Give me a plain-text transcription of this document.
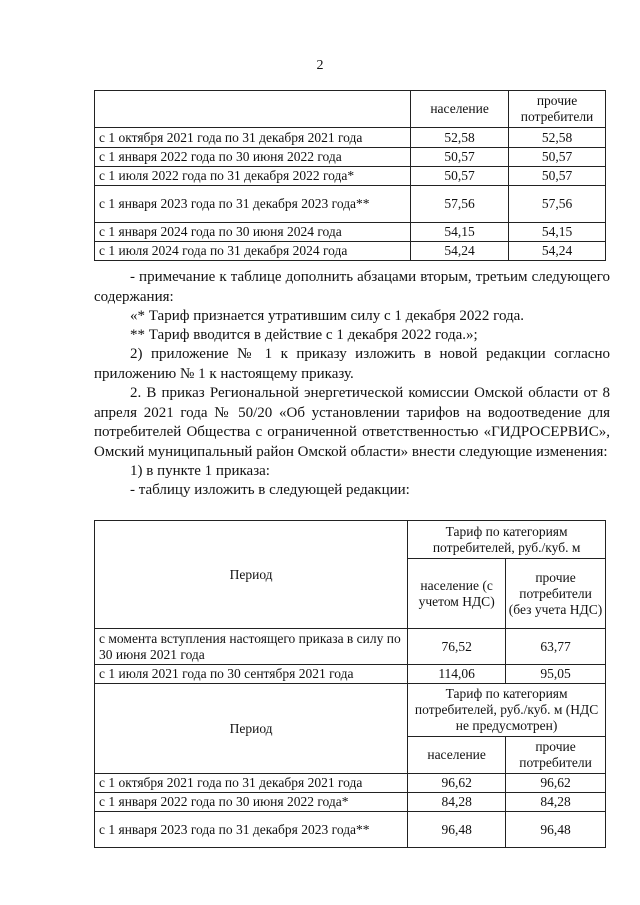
2
	население	прочие потребители
с 1 октября 2021 года по 31 декабря 2021 года	52,58	52,58
с 1 января 2022 года по 30 июня 2022 года	50,57	50,57
с 1 июля 2022 года по 31 декабря 2022 года*	50,57	50,57
с 1 января 2023 года по 31 декабря 2023 года**	57,56	57,56
с 1 января 2024 года по 30 июня 2024 года	54,15	54,15
с 1 июля 2024 года по 31 декабря 2024 года	54,24	54,24
- примечание к таблице дополнить абзацами вторым, третьим следующего содержания:
«* Тариф признается утратившим силу с 1 декабря 2022 года.
** Тариф вводится в действие с 1 декабря 2022 года.»;
2) приложение № 1 к приказу изложить в новой редакции согласно приложению № 1 к настоящему приказу.
2. В приказ Региональной энергетической комиссии Омской области от 8 апреля 2021 года № 50/20 «Об установлении тарифов на водоотведение для потребителей Общества с ограниченной ответственностью «ГИДРОСЕРВИС», Омский муниципальный район Омской области» внести следующие изменения:
1) в пункте 1 приказа:
- таблицу изложить в следующей редакции:
Период	Тариф по категориям потребителей, руб./куб. м	
	население (с учетом НДС)	прочие потребители (без учета НДС)
с момента вступления настоящего приказа в силу по 30 июня 2021 года	76,52	63,77
с 1 июля 2021 года по 30 сентября 2021 года	114,06	95,05
Период	Тариф по категориям потребителей, руб./куб. м (НДС не предусмотрен)	
	население	прочие потребители
с 1 октября 2021 года по 31 декабря 2021 года	96,62	96,62
с 1 января 2022 года по 30 июня 2022 года*	84,28	84,28
с 1 января 2023 года по 31 декабря 2023 года**	96,48	96,48
